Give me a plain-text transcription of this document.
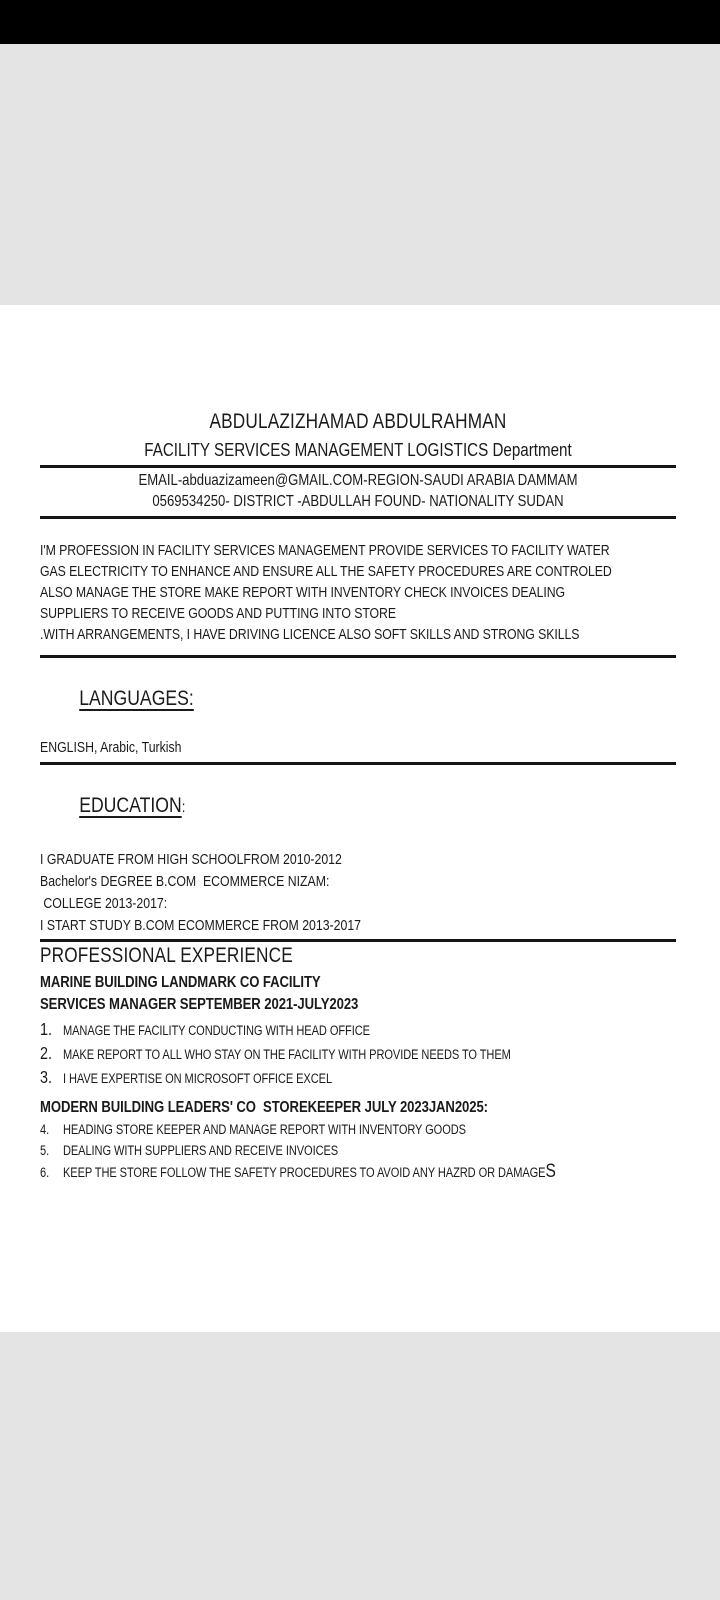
ABDULAZIZHAMAD ABDULRAHMAN
FACILITY SERVICES MANAGEMENT LOGISTICS Department
EMAIL-abduazizameen@GMAIL.COM-REGION-SAUDI ARABIA DAMMAM
0569534250- DISTRICT -ABDULLAH FOUND- NATIONALITY SUDAN
I'M PROFESSION IN FACILITY SERVICES MANAGEMENT PROVIDE SERVICES TO FACILITY WATER
GAS ELECTRICITY TO ENHANCE AND ENSURE ALL THE SAFETY PROCEDURES ARE CONTROLED
ALSO MANAGE THE STORE MAKE REPORT WITH INVENTORY CHECK INVOICES DEALING
SUPPLIERS TO RECEIVE GOODS AND PUTTING INTO STORE
.WITH ARRANGEMENTS, I HAVE DRIVING LICENCE ALSO SOFT SKILLS AND STRONG SKILLS

LANGUAGES:

ENGLISH, Arabic, Turkish

EDUCATION:

I GRADUATE FROM HIGH SCHOOLFROM 2010-2012
Bachelor's DEGREE B.COM  ECOMMERCE NIZAM:
COLLEGE 2013-2017:
I START STUDY B.COM ECOMMERCE FROM 2013-2017
PROFESSIONAL EXPERIENCE
MARINE BUILDING LANDMARK CO FACILITY
SERVICES MANAGER SEPTEMBER 2021-JULY2023
1. MANAGE THE FACILITY CONDUCTING WITH HEAD OFFICE
2. MAKE REPORT TO ALL WHO STAY ON THE FACILITY WITH PROVIDE NEEDS TO THEM
3. I HAVE EXPERTISE ON MICROSOFT OFFICE EXCEL
MODERN BUILDING LEADERS' CO  STOREKEEPER JULY 2023JAN2025:
4.	HEADING STORE KEEPER AND MANAGE REPORT WITH INVENTORY GOODS
5.	DEALING WITH SUPPLIERS AND RECEIVE INVOICES
6.	KEEP THE STORE FOLLOW THE SAFETY PROCEDURES TO AVOID ANY HAZRD OR DAMAGE S
